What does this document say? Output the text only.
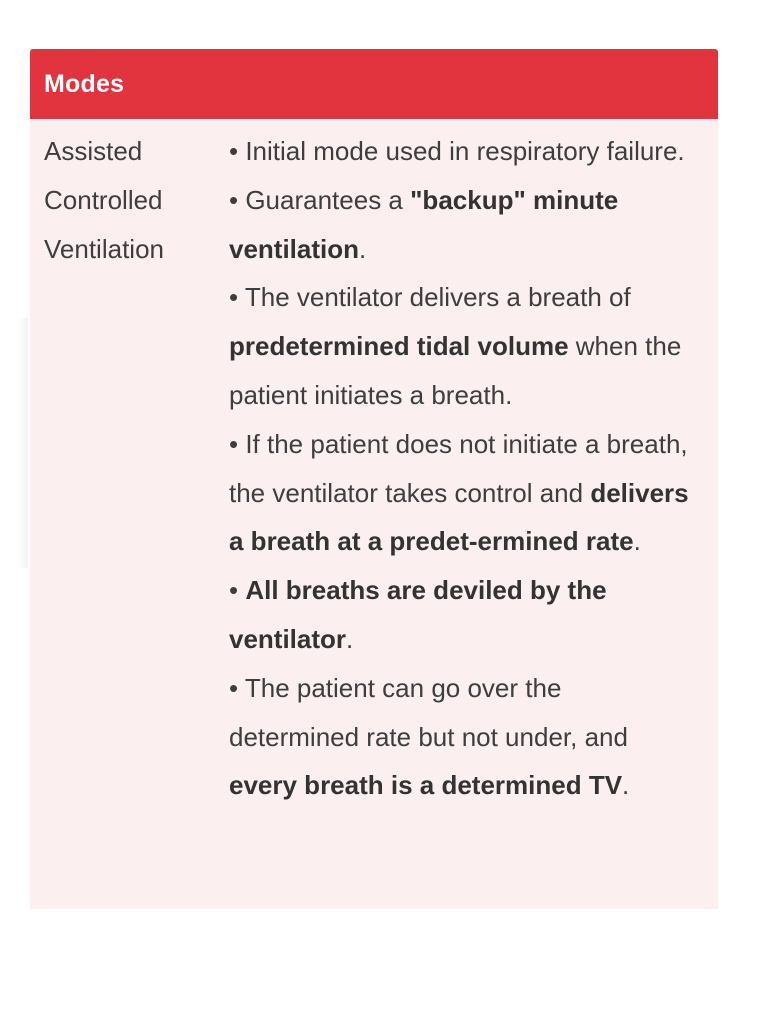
Modes
Assisted
Controlled
Ventilation

• Initial mode used in respiratory failure.

• Guarantees a "backup" minute ventilation.

• The ventilator delivers a breath of predetermined tidal volume when the patient initiates a breath.

• If the patient does not initiate a breath, the ventilator takes control and delivers a breath at a predet-ermined rate.

• All breaths are deviled by the ventilator.

• The patient can go over the determined rate but not under, and every breath is a determined TV.
